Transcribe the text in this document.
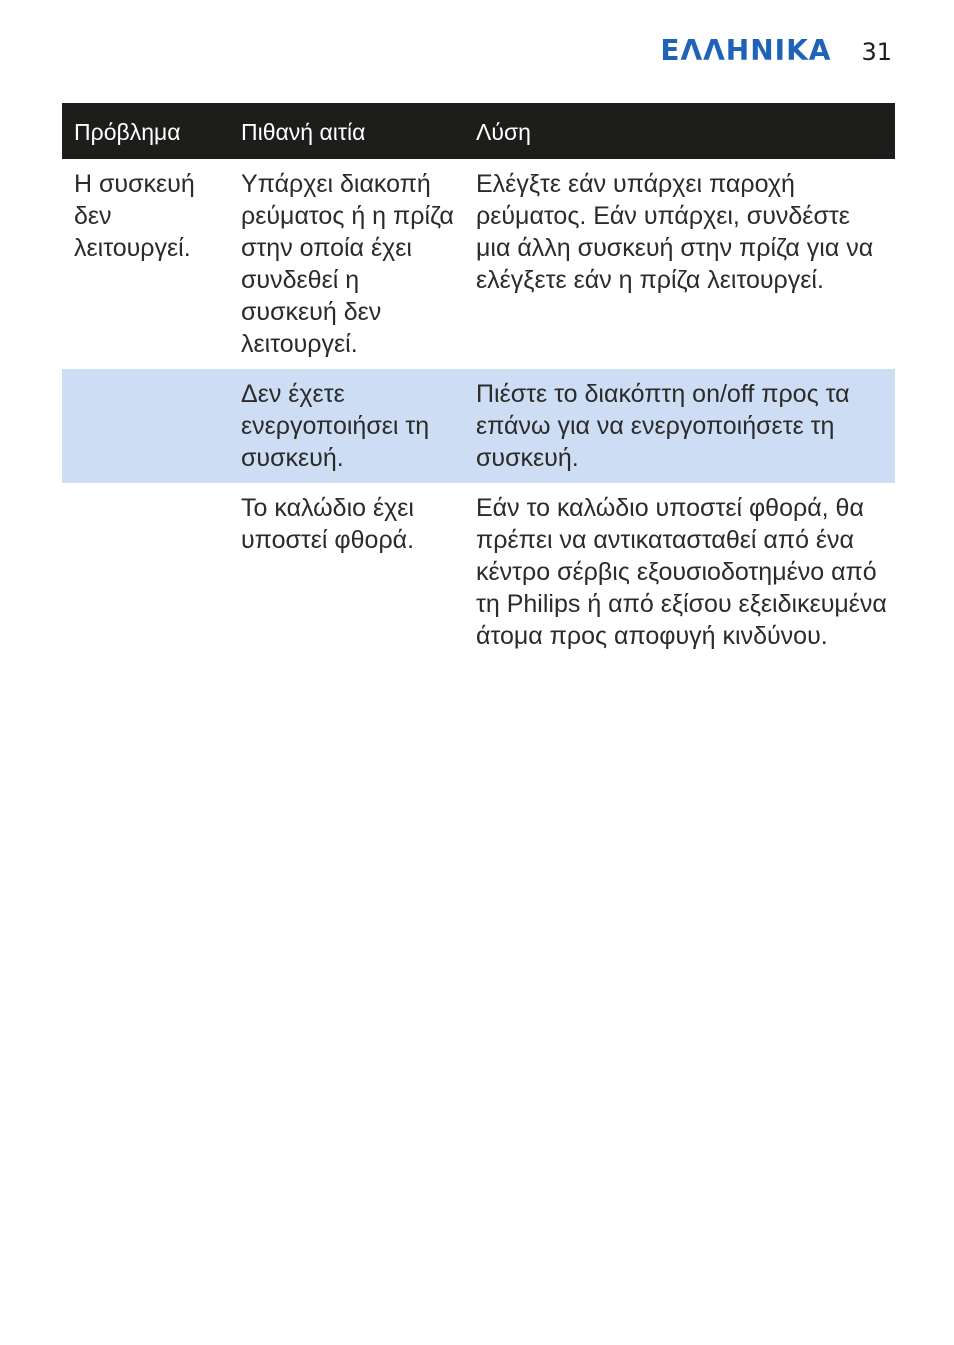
ΕΛΛΗΝΙΚΑ 31
Πρόβλημα	Πιθανή αιτία	Λύση
Η συσκευή δεν λειτουργεί.
Υπάρχει διακοπή ρεύματος ή η πρίζα στην οποία έχει συνδεθεί η συσκευή δεν λειτουργεί.
Ελέγξτε εάν υπάρχει παροχή ρεύματος. Εάν υπάρχει, συνδέστε μια άλλη συσκευή στην πρίζα για να ελέγξετε εάν η πρίζα λειτουργεί.
Δεν έχετε ενεργοποιήσει τη συσκευή.
Πιέστε το διακόπτη on/off προς τα επάνω για να ενεργοποιήσετε τη συσκευή.
Το καλώδιο έχει υποστεί φθορά.
Εάν το καλώδιο υποστεί φθορά, θα πρέπει να αντικατασταθεί από ένα κέντρο σέρβις εξουσιοδοτημένο από τη Philips ή από εξίσου εξειδικευμένα άτομα προς αποφυγή κινδύνου.
